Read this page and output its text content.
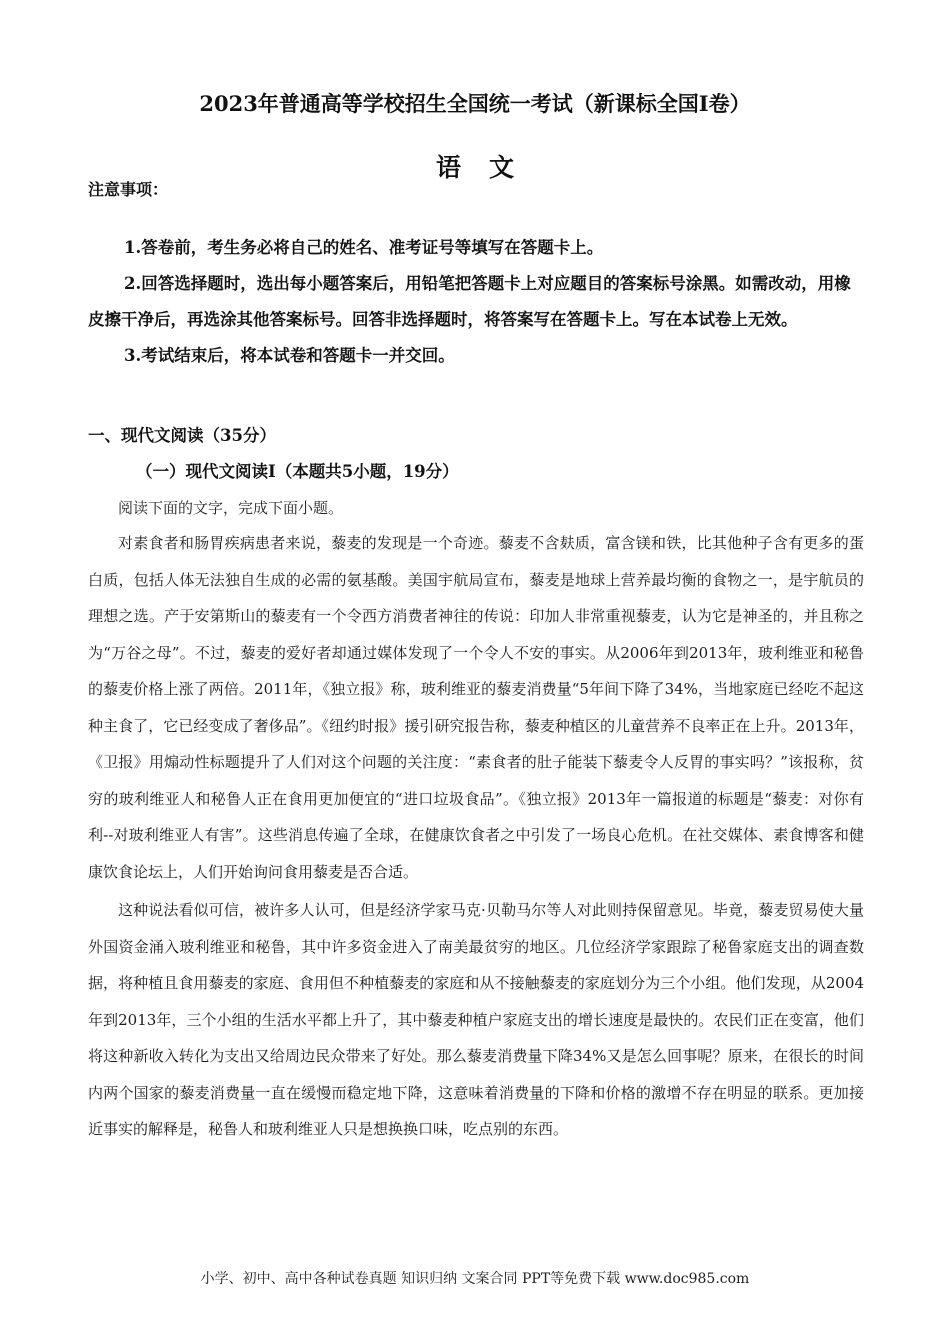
2023年普通高等学校招生全国统一考试（新课标全国Ⅰ卷）
语文
注意事项：

1.答卷前，考生务必将自己的姓名、准考证号等填写在答题卡上。

2.回答选择题时，选出每小题答案后，用铅笔把答题卡上对应题目的答案标号涂黑。如需改动，用橡皮擦干净后，再选涂其他答案标号。回答非选择题时，将答案写在答题卡上。写在本试卷上无效。

3.考试结束后，将本试卷和答题卡一并交回。

一、现代文阅读（35分）
（一）现代文阅读Ⅰ（本题共5小题，19分）
阅读下面的文字，完成下面小题。

对素食者和肠胃疾病患者来说，藜麦的发现是一个奇迹。藜麦不含麸质，富含镁和铁，比其他种子含有更多的蛋白质，包括人体无法独自生成的必需的氨基酸。美国宇航局宣布，藜麦是地球上营养最均衡的食物之一，是宇航员的理想之选。产于安第斯山的藜麦有一个令西方消费者神往的传说：印加人非常重视藜麦，认为它是神圣的，并且称之为“万谷之母”。不过，藜麦的爱好者却通过媒体发现了一个令人不安的事实。从2006年到2013年，玻利维亚和秘鲁的藜麦价格上涨了两倍。2011年，《独立报》称，玻利维亚的藜麦消费量“5年间下降了34%，当地家庭已经吃不起这种主食了，它已经变成了奢侈品”。《纽约时报》援引研究报告称，藜麦种植区的儿童营养不良率正在上升。2013年，《卫报》用煽动性标题提升了人们对这个问题的关注度：“素食者的肚子能装下藜麦令人反胃的事实吗？”该报称，贫穷的玻利维亚人和秘鲁人正在食用更加便宜的“进口垃圾食品”。《独立报》2013年一篇报道的标题是“藜麦：对你有利--对玻利维亚人有害”。这些消息传遍了全球，在健康饮食者之中引发了一场良心危机。在社交媒体、素食博客和健康饮食论坛上，人们开始询问食用藜麦是否合适。

这种说法看似可信，被许多人认可，但是经济学家马克·贝勒马尔等人对此则持保留意见。毕竟，藜麦贸易使大量外国资金涌入玻利维亚和秘鲁，其中许多资金进入了南美最贫穷的地区。几位经济学家跟踪了秘鲁家庭支出的调查数据，将种植且食用藜麦的家庭、食用但不种植藜麦的家庭和从不接触藜麦的家庭划分为三个小组。他们发现，从2004年到2013年，三个小组的生活水平都上升了，其中藜麦种植户家庭支出的增长速度是最快的。农民们正在变富，他们将这种新收入转化为支出又给周边民众带来了好处。那么藜麦消费量下降34%又是怎么回事呢？原来，在很长的时间内两个国家的藜麦消费量一直在缓慢而稳定地下降，这意味着消费量的下降和价格的激增不存在明显的联系。更加接近事实的解释是，秘鲁人和玻利维亚人只是想换换口味，吃点别的东西。

小学、初中、高中各种试卷真题 知识归纳 文案合同 PPT等免费下载 www.doc985.com
